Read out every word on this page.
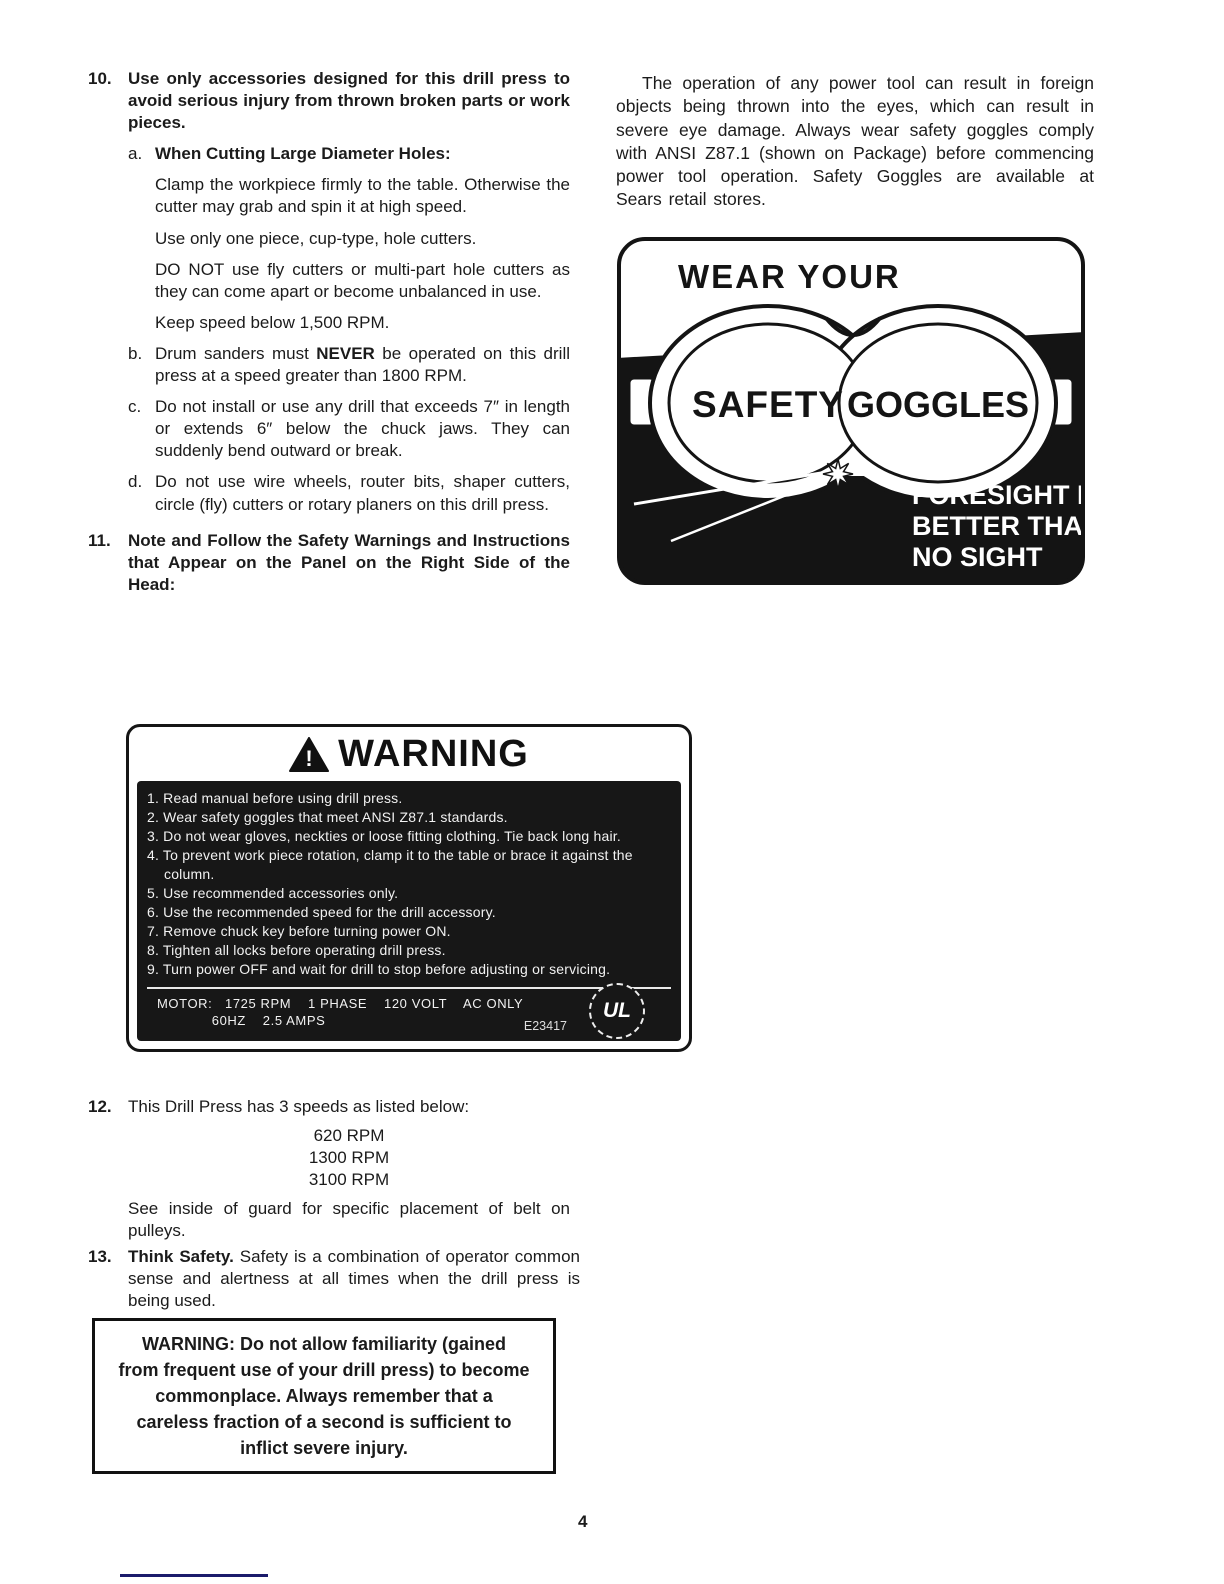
10. Use only accessories designed for this drill press to avoid serious injury from thrown broken parts or work pieces.
a. When Cutting Large Diameter Holes:

Clamp the workpiece firmly to the table. Otherwise the cutter may grab and spin it at high speed.

Use only one piece, cup-type, hole cutters.

DO NOT use fly cutters or multi-part hole cutters as they can come apart or become unbalanced in use.

Keep speed below 1,500 RPM.

b. Drum sanders must NEVER be operated on this drill press at a speed greater than 1800 RPM.
c. Do not install or use any drill that exceeds 7″ in length or extends 6″ below the chuck jaws. They can suddenly bend outward or break.
d. Do not use wire wheels, router bits, shaper cutters, circle (fly) cutters or rotary planers on this drill press.
11.	Note and Follow the Safety Warnings and Instructions that Appear on the Panel on the Right Side of the Head:

The operation of any power tool can result in foreign objects being thrown into the eyes, which can result in severe eye damage. Always wear safety goggles comply with ANSI Z87.1 (shown on Package) before commencing power tool operation. Safety Goggles are available at Sears retail stores.

WEAR YOUR
SAFETY GOGGLES
FORESIGHT IS
BETTER THAN
NO SIGHT
! WARNING
1. Read manual before using drill press.
2. Wear safety goggles that meet ANSI Z87.1 standards.
3. Do not wear gloves, neckties or loose fitting clothing. Tie back long hair.
4. To prevent work piece rotation, clamp it to the table or brace it against the column.
5. Use recommended accessories only.
6. Use the recommended speed for the drill accessory.
7. Remove chuck key before turning power ON.
8. Tighten all locks before operating drill press.
9. Turn power OFF and wait for drill to stop before adjusting or servicing.
MOTOR:   1725 RPM    1 PHASE    120 VOLT    AC ONLY
60HZ    2.5 AMPS	E23417
UL
12. This Drill Press has 3 speeds as listed below:
620 RPM
1300 RPM
3100 RPM
See inside of guard for specific placement of belt on pulleys.
13. Think Safety. Safety is a combination of operator common sense and alertness at all times when the drill press is being used.
WARNING: Do not allow familiarity (gained
from frequent use of your drill press) to become
commonplace. Always remember that a
careless fraction of a second is sufficient to
inflict severe injury.
4
